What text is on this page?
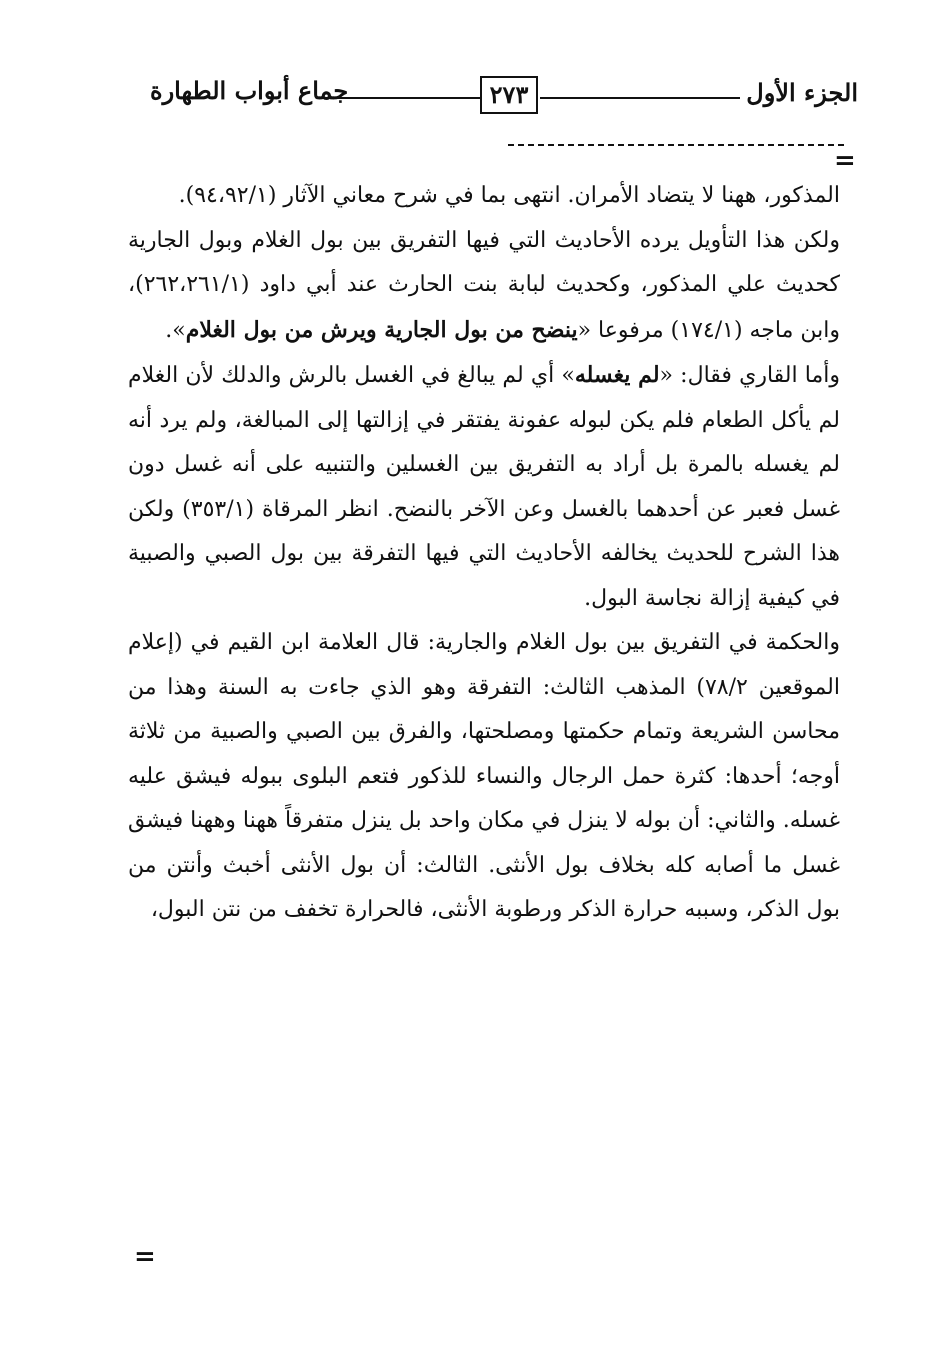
الجزء الأول
٢٧٣
جماع أبواب الطهارة
=

المذكور، ههنا لا يتضاد الأمران. انتهى بما في شرح معاني الآثار (٩٤،٩٢/١).

ولكن هذا التأويل يرده الأحاديث التي فيها التفريق بين بول الغلام وبول الجارية كحديث علي المذكور، وكحديث لبابة بنت الحارث عند أبي داود (٢٦٢،٢٦١/١)، وابن ماجه (١٧٤/١) مرفوعا «ينضح من بول الجارية ويرش من بول الغلام».

وأما القاري فقال: «لم يغسله» أي لم يبالغ في الغسل بالرش والدلك لأن الغلام لم يأكل الطعام فلم يكن لبوله عفونة يفتقر في إزالتها إلى المبالغة، ولم يرد أنه لم يغسله بالمرة بل أراد به التفريق بين الغسلين والتنبيه على أنه غسل دون غسل فعبر عن أحدهما بالغسل وعن الآخر بالنضح. انظر المرقاة (٣٥٣/١) ولكن هذا الشرح للحديث يخالفه الأحاديث التي فيها التفرقة بين بول الصبي والصبية في كيفية إزالة نجاسة البول.

والحكمة في التفريق بين بول الغلام والجارية: قال العلامة ابن القيم في (إعلام الموقعين ٧٨/٢) المذهب الثالث: التفرقة وهو الذي جاءت به السنة وهذا من محاسن الشريعة وتمام حكمتها ومصلحتها، والفرق بين الصبي والصبية من ثلاثة أوجه؛ أحدها: كثرة حمل الرجال والنساء للذكور فتعم البلوى ببوله فيشق عليه غسله. والثاني: أن بوله لا ينزل في مكان واحد بل ينزل متفرقاً ههنا وههنا فيشق غسل ما أصابه كله بخلاف بول الأنثى. الثالث: أن بول الأنثى أخبث وأنتن من بول الذكر، وسببه حرارة الذكر ورطوبة الأنثى، فالحرارة تخفف من نتن البول،

=
